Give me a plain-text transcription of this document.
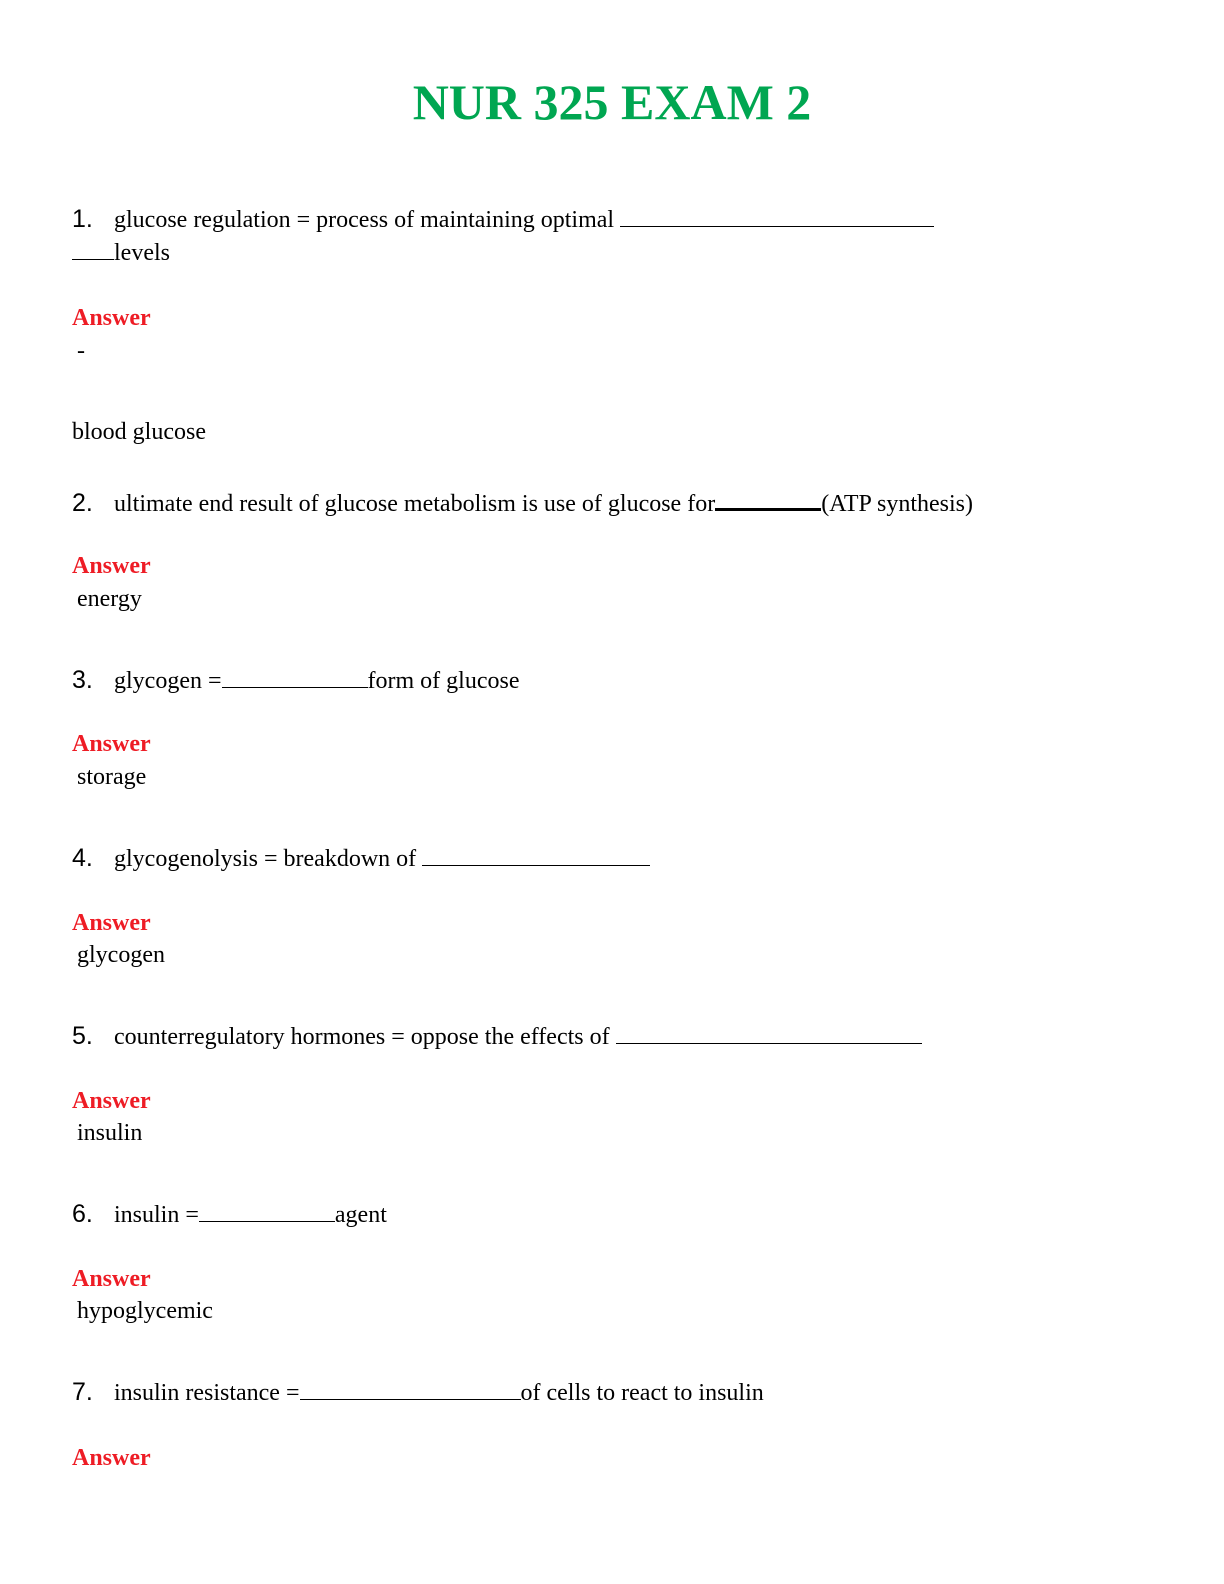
NUR 325 EXAM 2
1. glucose regulation = process of maintaining optimal
levels
Answer
-
blood glucose
2. ultimate end result of glucose metabolism is use of glucose for	(ATP synthesis)
Answer
energy
3. glycogen =	form of glucose
Answer
storage
4. glycogenolysis = breakdown of
Answer
glycogen
5. counterregulatory hormones = oppose the effects of
Answer
insulin
6. insulin =	agent
Answer
hypoglycemic
7. insulin resistance =	of cells to react to insulin
Answer
